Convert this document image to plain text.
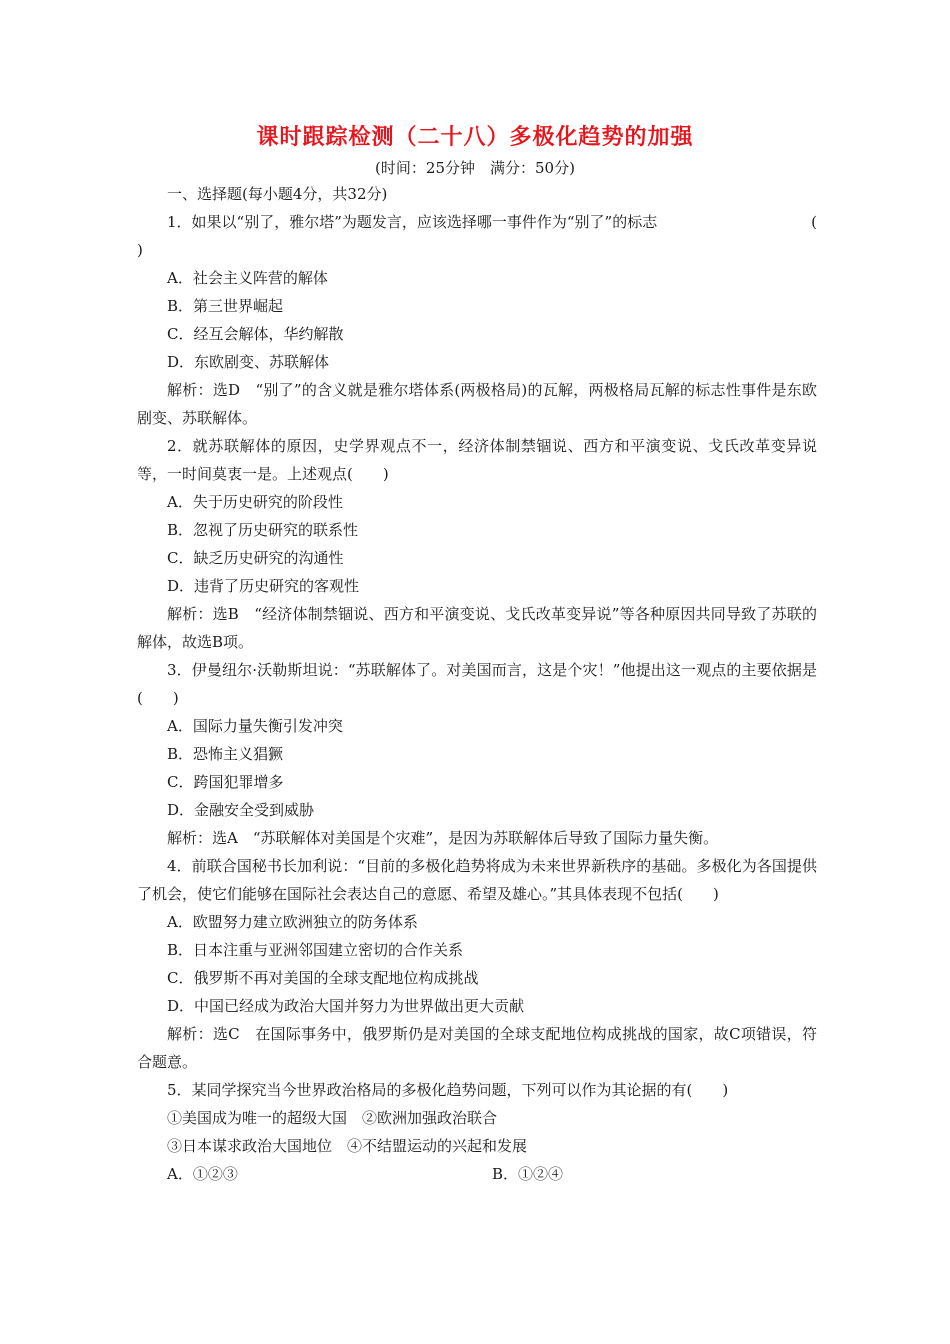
课时跟踪检测（二十八）多极化趋势的加强
(时间：25分钟　满分：50分)

一、选择题(每小题4分，共32分)

1．如果以“别了，雅尔塔”为题发言，应该选择哪一事件作为“别了”的标志	(

)

A．社会主义阵营的解体

B．第三世界崛起

C．经互会解体，华约解散

D．东欧剧变、苏联解体

解析：选D　“别了”的含义就是雅尔塔体系(两极格局)的瓦解，两极格局瓦解的标志性事件是东欧剧变、苏联解体。

2．就苏联解体的原因，史学界观点不一，经济体制禁锢说、西方和平演变说、戈氏改革变异说等，一时间莫衷一是。上述观点(　　)

A．失于历史研究的阶段性

B．忽视了历史研究的联系性

C．缺乏历史研究的沟通性

D．违背了历史研究的客观性

解析：选B　“经济体制禁锢说、西方和平演变说、戈氏改革变异说”等各种原因共同导致了苏联的解体，故选B项。

3．伊曼纽尔·沃勒斯坦说：“苏联解体了。对美国而言，这是个灾！”他提出这一观点的主要依据是(　　)

A．国际力量失衡引发冲突

B．恐怖主义猖獗

C．跨国犯罪增多

D．金融安全受到威胁

解析：选A　“苏联解体对美国是个灾难”，是因为苏联解体后导致了国际力量失衡。

4．前联合国秘书长加利说：“目前的多极化趋势将成为未来世界新秩序的基础。多极化为各国提供了机会，使它们能够在国际社会表达自己的意愿、希望及雄心。”其具体表现不包括(　　)

A．欧盟努力建立欧洲独立的防务体系

B．日本注重与亚洲邻国建立密切的合作关系

C．俄罗斯不再对美国的全球支配地位构成挑战

D．中国已经成为政治大国并努力为世界做出更大贡献

解析：选C　在国际事务中，俄罗斯仍是对美国的全球支配地位构成挑战的国家，故C项错误，符合题意。

5．某同学探究当今世界政治格局的多极化趋势问题，下列可以作为其论据的有(　　)

①美国成为唯一的超级大国　②欧洲加强政治联合

③日本谋求政治大国地位　④不结盟运动的兴起和发展

A．①②③	B．①②④
